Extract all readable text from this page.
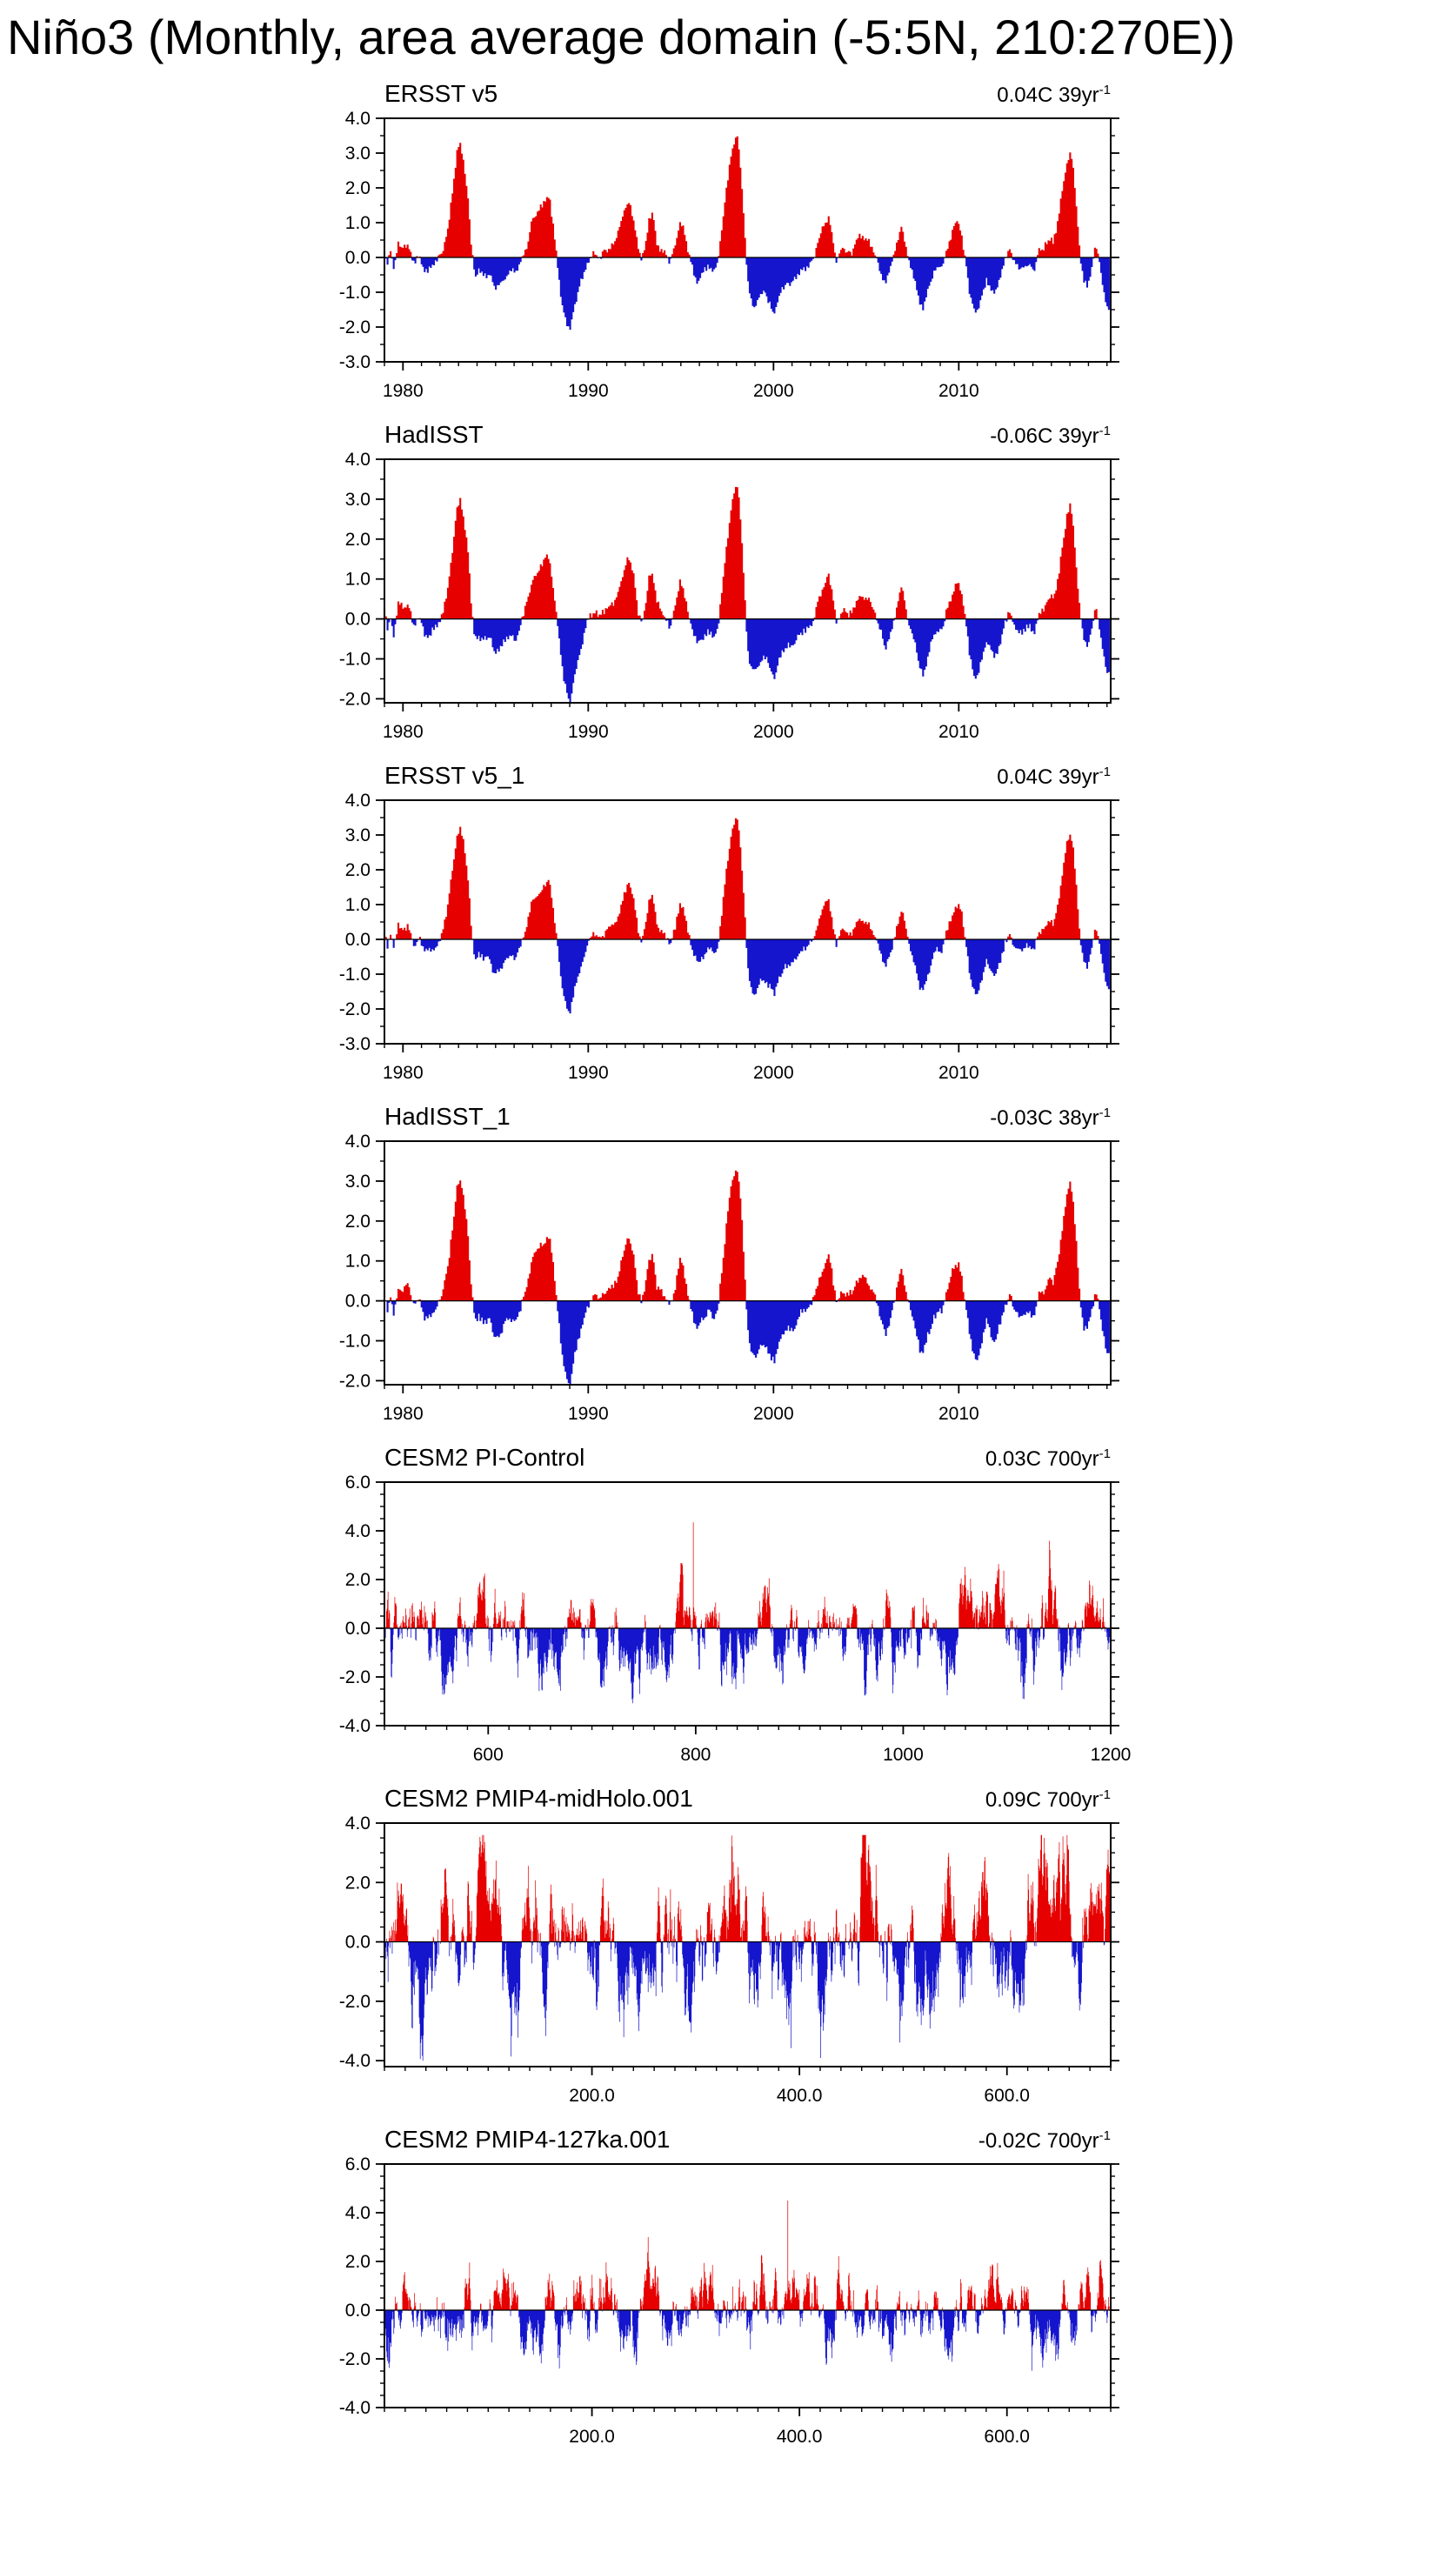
Niño3 (Monthly, area average domain (-5:5N, 210:270E))
ERSST v5	0.04C $39yr^{-1}$
4.0
3.0
2.0
1.0
0.0
-1.0
-2.0
-3.0
1980	1990	2000	2010
HadISST	-0.06C $39yr^{-1}$
4.0
3.0
2.0
1.0
0.0
-1.0
-2.0
1980	1990	2000	2010
ERSST v5_1	0.04C $39yr^{-1}$
4.0
3.0
2.0
1.0
0.0
-1.0
-2.0
-3.0
1980	1990	2000	2010
HadISST_1	-0.03C $38yr^{-1}$
4.0
3.0
2.0
1.0
0.0
-1.0
-2.0
1980	1990	2000	2010
CESM2 PI-Control	0.03C $700yr^{-1}$
6.0
4.0
2.0
0.0
-2.0
-4.0
600	800	1000	1200
CESM2 PMIP4-midHolo.001	0.09C $700yr^{-1}$
4.0
2.0
0.0
-2.0
-4.0
200.0	400.0	600.0
CESM2 PMIP4-127ka.001	-0.02C $700yr^{-1}$
6.0
4.0
2.0
0.0
-2.0
-4.0
200.0	400.0	600.0
